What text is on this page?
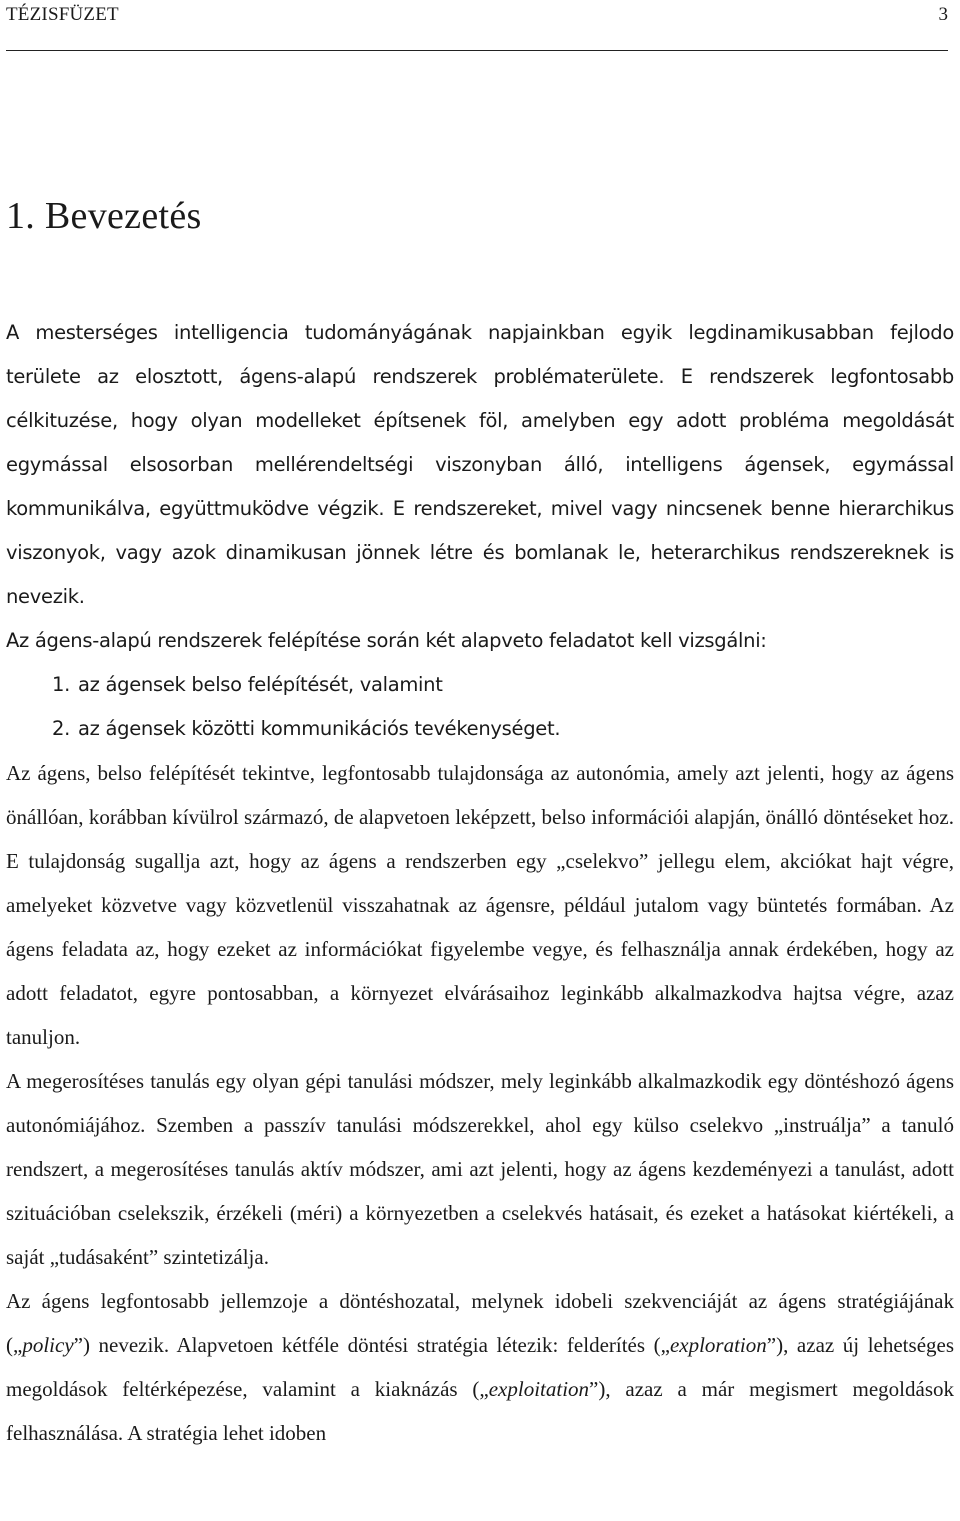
TÉZISFÜZET	3
1. Bevezetés

A mesterséges intelligencia tudományágának napjainkban egyik legdinamikusabban fejlodo területe az elosztott, ágens-alapú rendszerek problématerülete. E rendszerek legfontosabb célkituzése, hogy olyan modelleket építsenek föl, amelyben egy adott probléma megoldását egymással elsosorban mellérendeltségi viszonyban álló, intelligens ágensek, egymással kommunikálva, együttmuködve végzik. E rendszereket, mivel vagy nincsenek benne hierarchikus viszonyok, vagy azok dinamikusan jönnek létre és bomlanak le, heterarchikus rendszereknek is nevezik.

Az ágens-alapú rendszerek felépítése során két alapveto feladatot kell vizsgálni:

1. az ágensek belso felépítését, valamint
2. az ágensek közötti kommunikációs tevékenységet.

Az ágens, belso felépítését tekintve, legfontosabb tulajdonsága az autonómia, amely azt jelenti, hogy az ágens önállóan, korábban kívülrol származó, de alapvetoen leképzett, belso információi alapján, önálló döntéseket hoz. E tulajdonság sugallja azt, hogy az ágens a rendszerben egy „cselekvo” jellegu elem, akciókat hajt végre, amelyeket közvetve vagy közvetlenül visszahatnak az ágensre, például jutalom vagy büntetés formában. Az ágens feladata az, hogy ezeket az információkat figyelembe vegye, és felhasználja annak érdekében, hogy az adott feladatot, egyre pontosabban, a környezet elvárásaihoz leginkább alkalmazkodva hajtsa végre, azaz tanuljon.

A megerosítéses tanulás egy olyan gépi tanulási módszer, mely leginkább alkalmazkodik egy döntéshozó ágens autonómiájához. Szemben a passzív tanulási módszerekkel, ahol egy külso cselekvo „instruálja” a tanuló rendszert, a megerosítéses tanulás aktív módszer, ami azt jelenti, hogy az ágens kezdeményezi a tanulást, adott szituációban cselekszik, érzékeli (méri) a környezetben a cselekvés hatásait, és ezeket a hatásokat kiértékeli, a saját „tudásaként” szintetizálja.

Az ágens legfontosabb jellemzoje a döntéshozatal, melynek idobeli szekvenciáját az ágens stratégiájának („policy”) nevezik. Alapvetoen kétféle döntési stratégia létezik: felderítés („exploration”), azaz új lehetséges megoldások feltérképezése, valamint a kiaknázás („exploitation”), azaz a már megismert megoldások felhasználása. A stratégia lehet idoben
